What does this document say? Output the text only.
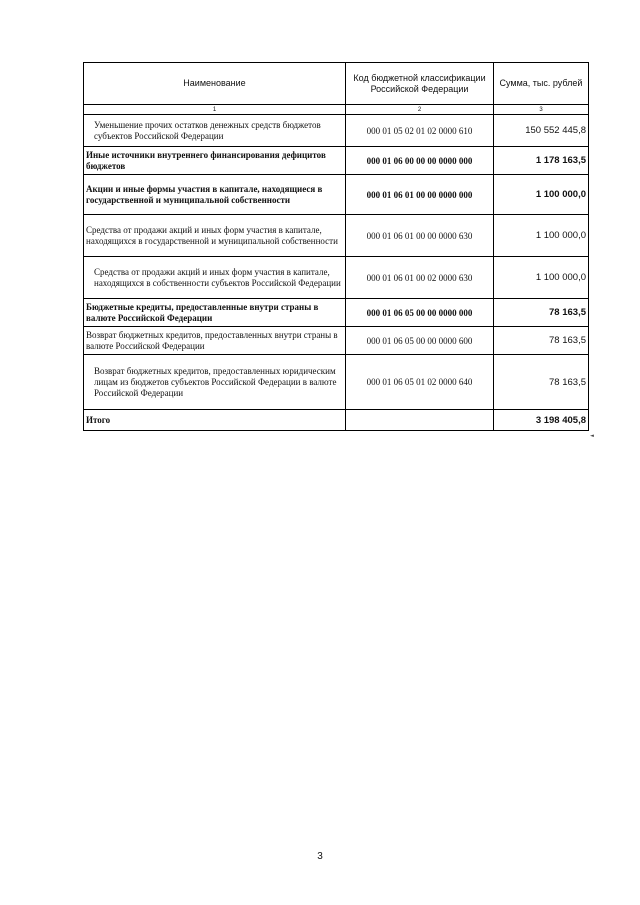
Наименование	Код бюджетной классификации Российской Федерации	Сумма, тыс. рублей
1	2	3
Уменьшение прочих остатков денежных средств бюджетов субъектов Российской Федерации	000 01 05 02 01 02 0000 610	150 552 445,8
Иные источники внутреннего финансирования дефицитов бюджетов	000 01 06 00 00 00 0000 000	1 178 163,5
Акции и иные формы участия в капитале, находящиеся в государственной и муниципальной собственности	000 01 06 01 00 00 0000 000	1 100 000,0
Средства от продажи акций и иных форм участия в капитале, находящихся в государственной и муниципальной собственности	000 01 06 01 00 00 0000 630	1 100 000,0
Средства от продажи акций и иных форм участия в капитале, находящихся в собственности субъектов Российской Федерации	000 01 06 01 00 02 0000 630	1 100 000,0
Бюджетные кредиты, предоставленные внутри страны в валюте Российской Федерации	000 01 06 05 00 00 0000 000	78 163,5
Возврат бюджетных кредитов, предоставленных внутри страны в валюте Российской Федерации	000 01 06 05 00 00 0000 600	78 163,5
Возврат бюджетных кредитов, предоставленных юридическим лицам из бюджетов субъектов Российской Федерации в валюте Российской Федерации	000 01 06 05 01 02 0000 640	78 163,5
Итого		3 198 405,8
◄
3
